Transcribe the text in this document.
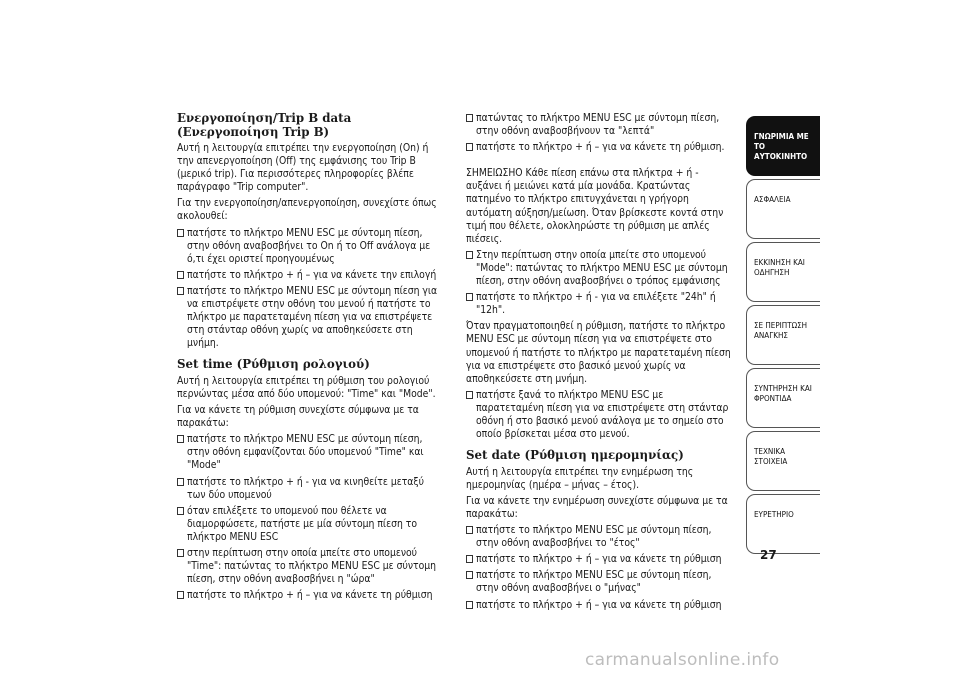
Ενεργοποίηση/Trip B data
(Ενεργοποίηση Trip B)
Αυτή η λειτουργία επιτρέπει την ενεργοποίηση (On) ή την απενεργοποίηση (Off) της εμφάνισης του Trip B (μερικό trip). Για περισσότερες πληροφορίες βλέπε παράγραφο "Trip computer".
Για την ενεργοποίηση/απενεργοποίηση, συνεχίστε όπως ακολουθεί:
πατήστε το πλήκτρο MENU ESC με σύντομη πίεση, στην οθόνη αναβοσβήνει το On ή το Off ανάλογα με ό,τι έχει οριστεί προηγουμένως
πατήστε το πλήκτρο + ή – για να κάνετε την επιλογή
πατήστε το πλήκτρο MENU ESC με σύντομη πίεση για να επιστρέψετε στην οθόνη του μενού ή πατήστε το πλήκτρο με παρατεταμένη πίεση για να επιστρέψετε στη στάνταρ οθόνη χωρίς να αποθηκεύσετε στη μνήμη.
Set time (Ρύθμιση ρολογιού)
Αυτή η λειτουργία επιτρέπει τη ρύθμιση του ρολογιού περνώντας μέσα από δύο υπομενού: "Time" και "Mode".
Για να κάνετε τη ρύθμιση συνεχίστε σύμφωνα με τα παρακάτω:
πατήστε το πλήκτρο MENU ESC με σύντομη πίεση, στην οθόνη εμφανίζονται δύο υπομενού "Time" και "Mode"
πατήστε το πλήκτρο + ή - για να κινηθείτε μεταξύ των δύο υπομενού
όταν επιλέξετε το υπομενού που θέλετε να διαμορφώσετε, πατήστε με μία σύντομη πίεση το πλήκτρο MENU ESC
στην περίπτωση στην οποία μπείτε στο υπομενού "Time": πατώντας το πλήκτρο MENU ESC με σύντομη πίεση, στην οθόνη αναβοσβήνει η "ώρα"
πατήστε το πλήκτρο + ή – για να κάνετε τη ρύθμιση
πατώντας το πλήκτρο MENU ESC με σύντομη πίεση, στην οθόνη αναβοσβήνουν τα "λεπτά"
πατήστε το πλήκτρο + ή – για να κάνετε τη ρύθμιση.
ΣΗΜΕΙΩΣΗΟ Κάθε πίεση επάνω στα πλήκτρα + ή - αυξάνει ή μειώνει κατά μία μονάδα. Κρατώντας πατημένο το πλήκτρο επιτυγχάνεται η γρήγορη αυτόματη αύξηση/μείωση. Όταν βρίσκεστε κοντά στην τιμή που θέλετε, ολοκληρώστε τη ρύθμιση με απλές πιέσεις.
Στην περίπτωση στην οποία μπείτε στο υπομενού "Mode": πατώντας το πλήκτρο MENU ESC με σύντομη πίεση, στην οθόνη αναβοσβήνει ο τρόπος εμφάνισης
πατήστε το πλήκτρο + ή - για να επιλέξετε "24h" ή "12h".
Όταν πραγματοποιηθεί η ρύθμιση, πατήστε το πλήκτρο MENU ESC με σύντομη πίεση για να επιστρέψετε στο υπομενού ή πατήστε το πλήκτρο με παρατεταμένη πίεση για να επιστρέψετε στο βασικό μενού χωρίς να αποθηκεύσετε στη μνήμη.
πατήστε ξανά το πλήκτρο MENU ESC με παρατεταμένη πίεση για να επιστρέψετε στη στάνταρ οθόνη ή στο βασικό μενού ανάλογα με το σημείο στο οποίο βρίσκεται μέσα στο μενού.
Set date (Ρύθμιση ημερομηνίας)
Αυτή η λειτουργία επιτρέπει την ενημέρωση της ημερομηνίας (ημέρα – μήνας – έτος).
Για να κάνετε την ενημέρωση συνεχίστε σύμφωνα με τα παρακάτω:
πατήστε το πλήκτρο MENU ESC με σύντομη πίεση, στην οθόνη αναβοσβήνει το "έτος"
πατήστε το πλήκτρο + ή – για να κάνετε τη ρύθμιση
πατήστε το πλήκτρο MENU ESC με σύντομη πίεση, στην οθόνη αναβοσβήνει ο "μήνας"
πατήστε το πλήκτρο + ή – για να κάνετε τη ρύθμιση
ΓΝΩΡΙΜΙΑ ΜΕ ΤΟ ΑΥΤΟΚΙΝΗΤΟ
ΑΣΦΑΛΕΙΑ
ΕΚΚΙΝΗΣΗ ΚΑΙ ΟΔΗΓΗΣΗ
ΣΕ ΠΕΡΙΠΤΩΣΗ ΑΝΑΓΚΗΣ
ΣΥΝΤΗΡΗΣΗ ΚΑΙ ΦΡΟΝΤΙΔΑ
ΤΕΧΝΙΚΑ ΣΤΟΙΧΕΙΑ
ΕΥΡΕΤΗΡΙΟ
27
carmanualsonline.info
